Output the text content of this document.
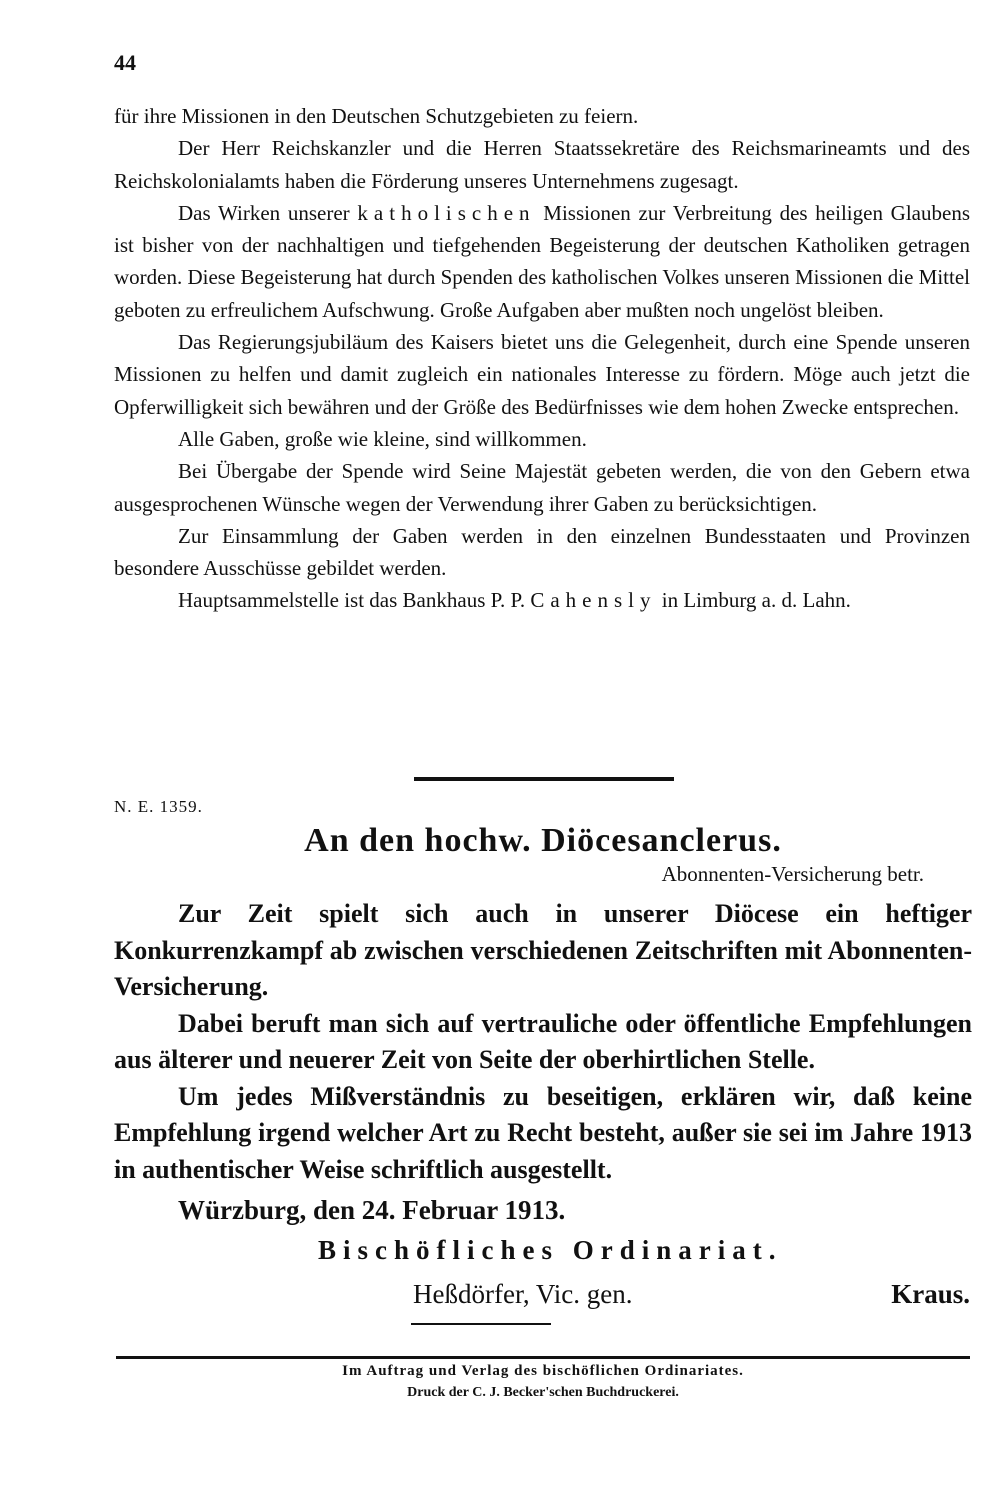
44

für ihre Missionen in den Deutschen Schutzgebieten zu feiern.

Der Herr Reichskanzler und die Herren Staatssekretäre des Reichsmarineamts und des Reichskolonialamts haben die Förderung unseres Unternehmens zugesagt.

Das Wirken unserer katholischen Missionen zur Verbreitung des heiligen Glaubens ist bisher von der nachhaltigen und tiefgehenden Begeisterung der deutschen Katholiken getragen worden. Diese Begeisterung hat durch Spenden des katholischen Volkes unseren Missionen die Mittel geboten zu erfreulichem Aufschwung. Große Aufgaben aber mußten noch ungelöst bleiben.

Das Regierungsjubiläum des Kaisers bietet uns die Gelegenheit, durch eine Spende unseren Missionen zu helfen und damit zugleich ein nationales Interesse zu fördern. Möge auch jetzt die Opferwilligkeit sich bewähren und der Größe des Bedürfnisses wie dem hohen Zwecke entsprechen.

Alle Gaben, große wie kleine, sind willkommen.

Bei Übergabe der Spende wird Seine Majestät gebeten werden, die von den Gebern etwa ausgesprochenen Wünsche wegen der Verwendung ihrer Gaben zu berücksichtigen.

Zur Einsammlung der Gaben werden in den einzelnen Bundesstaaten und Provinzen besondere Ausschüsse gebildet werden.

Hauptsammelstelle ist das Bankhaus P. P. Cahensly in Limburg a. d. Lahn.

N. E. 1359.
An den hochw. Diöcesanclerus.
Abonnenten-Versicherung betr.

Zur Zeit spielt sich auch in unserer Diöcese ein heftiger Konkurrenzkampf ab zwischen verschiedenen Zeitschriften mit Abonnenten-Versicherung.

Dabei beruft man sich auf vertrauliche oder öffentliche Empfehlungen aus älterer und neuerer Zeit von Seite der oberhirtlichen Stelle.

Um jedes Mißverständnis zu beseitigen, erklären wir, daß keine Empfehlung irgend welcher Art zu Recht besteht, außer sie sei im Jahre 1913 in authentischer Weise schriftlich ausgestellt.

Würzburg, den 24. Februar 1913.
Bischöfliches Ordinariat.
Heßdörfer, Vic. gen.	Kraus.
Im Auftrag und Verlag des bischöflichen Ordinariates.
Druck der C. J. Becker'schen Buchdruckerei.
